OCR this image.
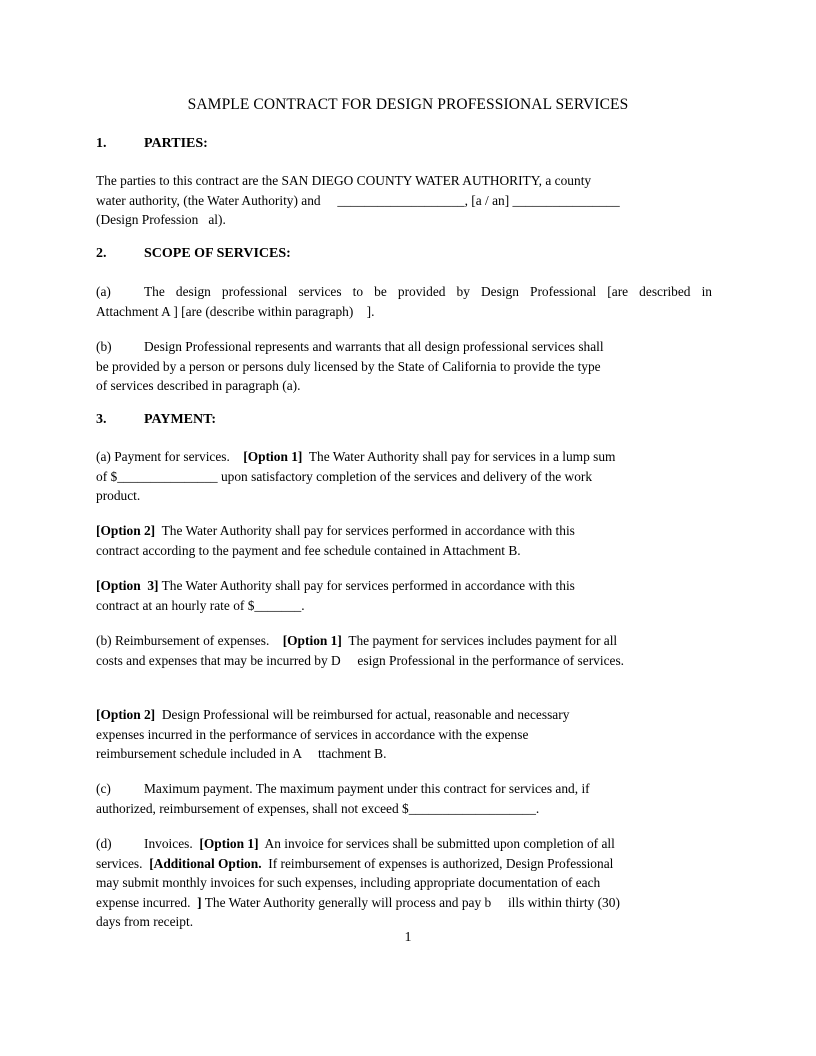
SAMPLE CONTRACT FOR DESIGN PROFESSIONAL SERVICES
1.	PARTIES:
The parties to this contract are the SAN DIEGO COUNTY WATER AUTHORITY, a county
water authority, (the Water Authority) and     ___________________, [a / an] ________________
(Design Profession   al).
2.	SCOPE OF SERVICES:
(a) The design professional services to be provided by Design Professional [are described in
Attachment A ] [are (describe within paragraph)    ].
(b) Design Professional represents and warrants that all design professional services shall
be provided by a person or persons duly licensed by the State of California to provide the type
of services described in paragraph (a).
3.	PAYMENT:
(a) Payment for services. [Option 1] The Water Authority shall pay for services in a lump sum
of $_______________ upon satisfactory completion of the services and delivery of the work
product.
[Option 2] The Water Authority shall pay for services performed in accordance with this
contract according to the payment and fee schedule contained in Attachment B.
[Option  3] The Water Authority shall pay for services performed in accordance with this
contract at an hourly rate of $_______.
(b) Reimbursement of expenses. [Option 1] The payment for services includes payment for all
costs and expenses that may be incurred by D     esign Professional in the performance of services.
[Option 2] Design Professional will be reimbursed for actual, reasonable and necessary
expenses incurred in the performance of services in accordance with the expense
reimbursement schedule included in A     ttachment B.
(c) Maximum payment. The maximum payment under this contract for services and, if
authorized, reimbursement of expenses, shall not exceed $___________________.
(d) Invoices. [Option 1] An invoice for services shall be submitted upon completion of all
services. [Additional Option. If reimbursement of expenses is authorized, Design Professional
may submit monthly invoices for such expenses, including appropriate documentation of each
expense incurred. ] The Water Authority generally will process and pay b     ills within thirty (30)
days from receipt.
1
